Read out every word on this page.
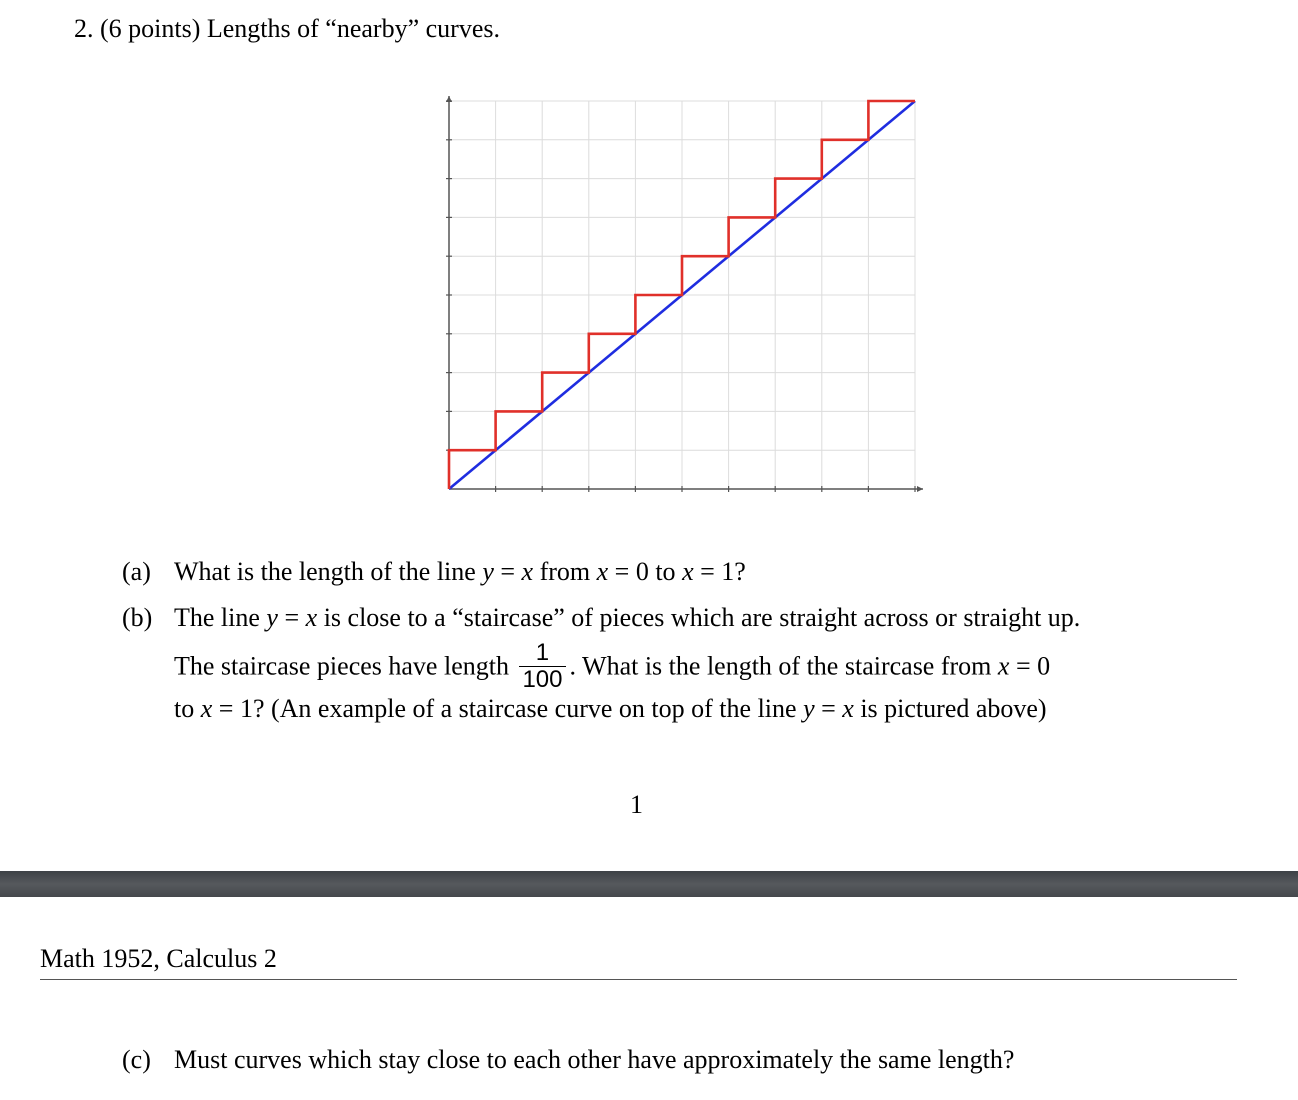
2. (6 points) Lengths of “nearby” curves.
(a) What is the length of the line y = x from x = 0 to x = 1?
(b) The line y = x is close to a “staircase” of pieces which are straight across or straight up.
The staircase pieces have length $\frac{1}{100}$ . What is the length of the staircase from x = 0
to x = 1? (An example of a staircase curve on top of the line y = x is pictured above)
1
Math 1952, Calculus 2
(c) Must curves which stay close to each other have approximately the same length?
